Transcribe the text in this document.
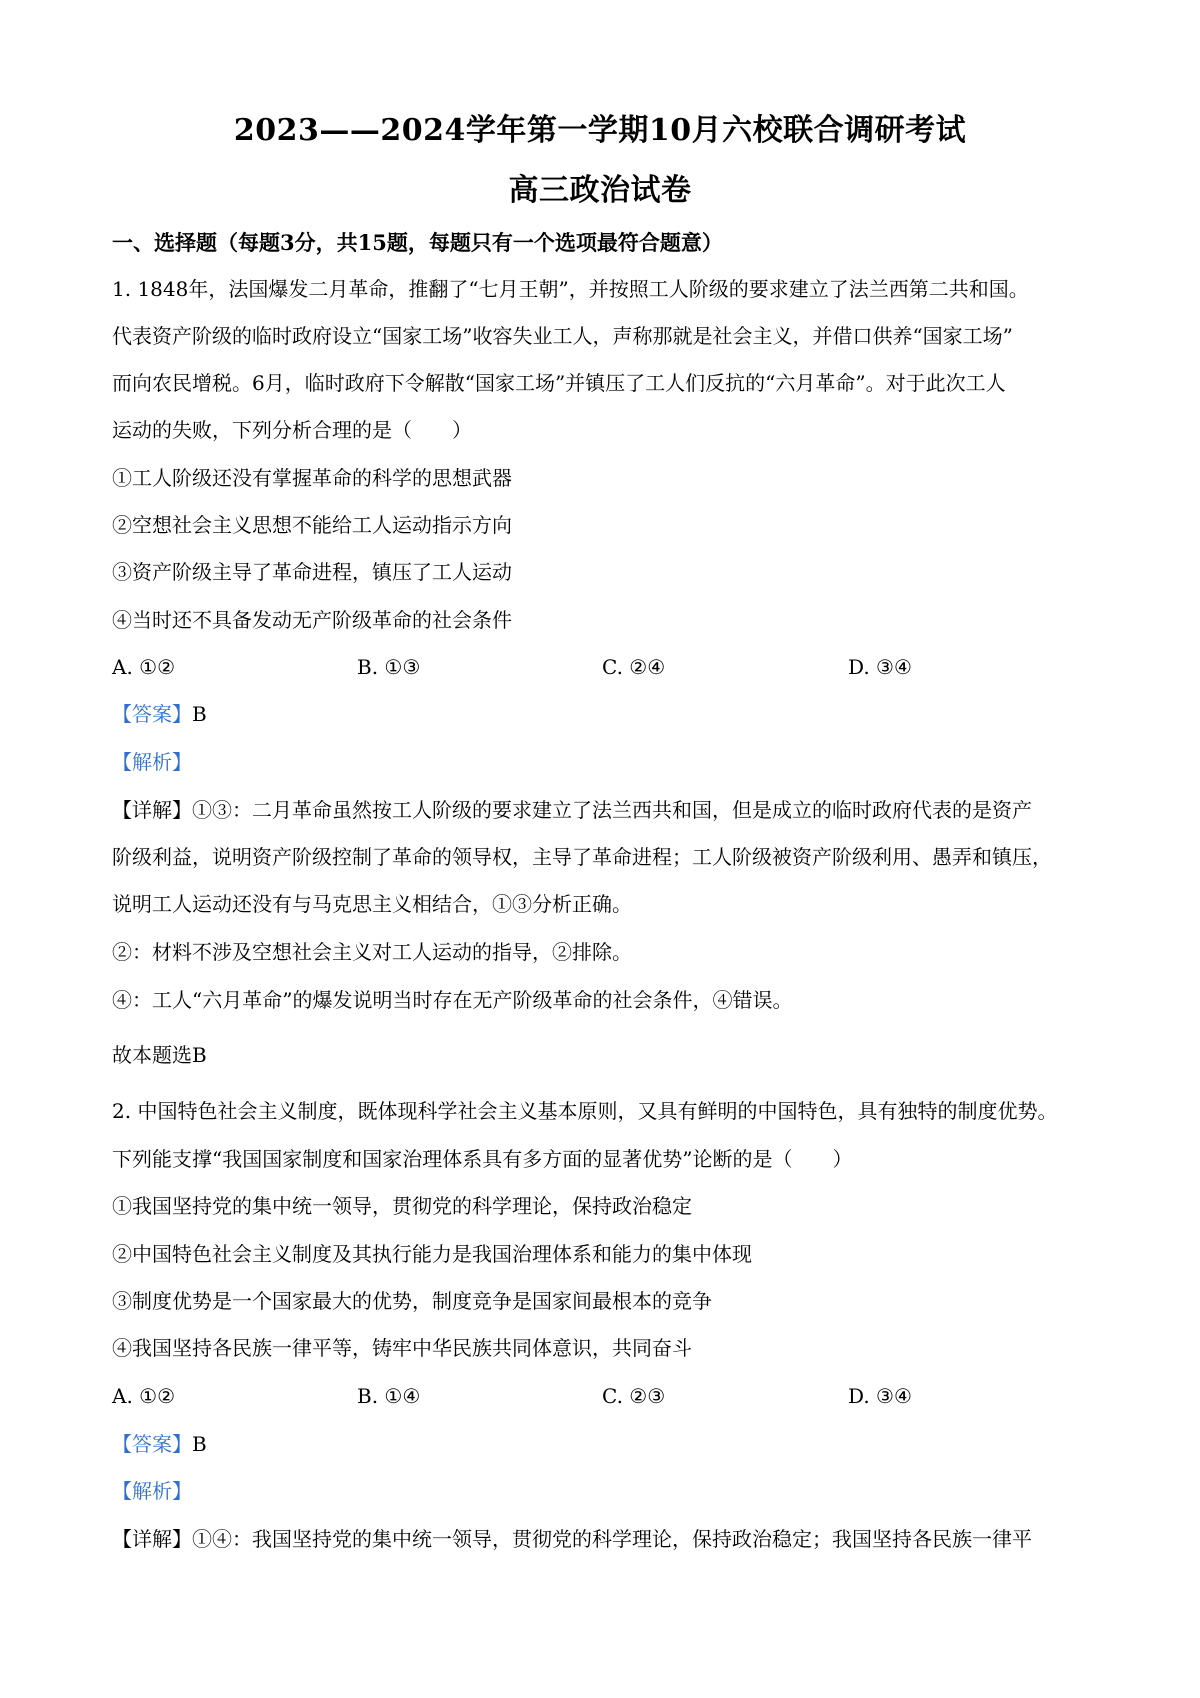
2023——2024学年第一学期10月六校联合调研考试
高三政治试卷
一、选择题（每题3分，共15题，每题只有一个选项最符合题意）
1. 1848年，法国爆发二月革命，推翻了“七月王朝”，并按照工人阶级的要求建立了法兰西第二共和国。
代表资产阶级的临时政府设立“国家工场”收容失业工人，声称那就是社会主义，并借口供养“国家工场”
而向农民增税。6月，临时政府下令解散“国家工场”并镇压了工人们反抗的“六月革命”。对于此次工人
运动的失败，下列分析合理的是（　　）
①工人阶级还没有掌握革命的科学的思想武器
②空想社会主义思想不能给工人运动指示方向
③资产阶级主导了革命进程，镇压了工人运动
④当时还不具备发动无产阶级革命的社会条件
A. ①②	B. ①③	C. ②④	D. ③④
【答案】B
【解析】
【详解】①③：二月革命虽然按工人阶级的要求建立了法兰西共和国，但是成立的临时政府代表的是资产
阶级利益，说明资产阶级控制了革命的领导权，主导了革命进程；工人阶级被资产阶级利用、愚弄和镇压，
说明工人运动还没有与马克思主义相结合，①③分析正确。
②：材料不涉及空想社会主义对工人运动的指导，②排除。
④：工人“六月革命”的爆发说明当时存在无产阶级革命的社会条件，④错误。
故本题选B
2. 中国特色社会主义制度，既体现科学社会主义基本原则，又具有鲜明的中国特色，具有独特的制度优势。
下列能支撑“我国国家制度和国家治理体系具有多方面的显著优势”论断的是（　　）
①我国坚持党的集中统一领导，贯彻党的科学理论，保持政治稳定
②中国特色社会主义制度及其执行能力是我国治理体系和能力的集中体现
③制度优势是一个国家最大的优势，制度竞争是国家间最根本的竞争
④我国坚持各民族一律平等，铸牢中华民族共同体意识，共同奋斗
A. ①②	B. ①④	C. ②③	D. ③④
【答案】B
【解析】
【详解】①④：我国坚持党的集中统一领导，贯彻党的科学理论，保持政治稳定；我国坚持各民族一律平
